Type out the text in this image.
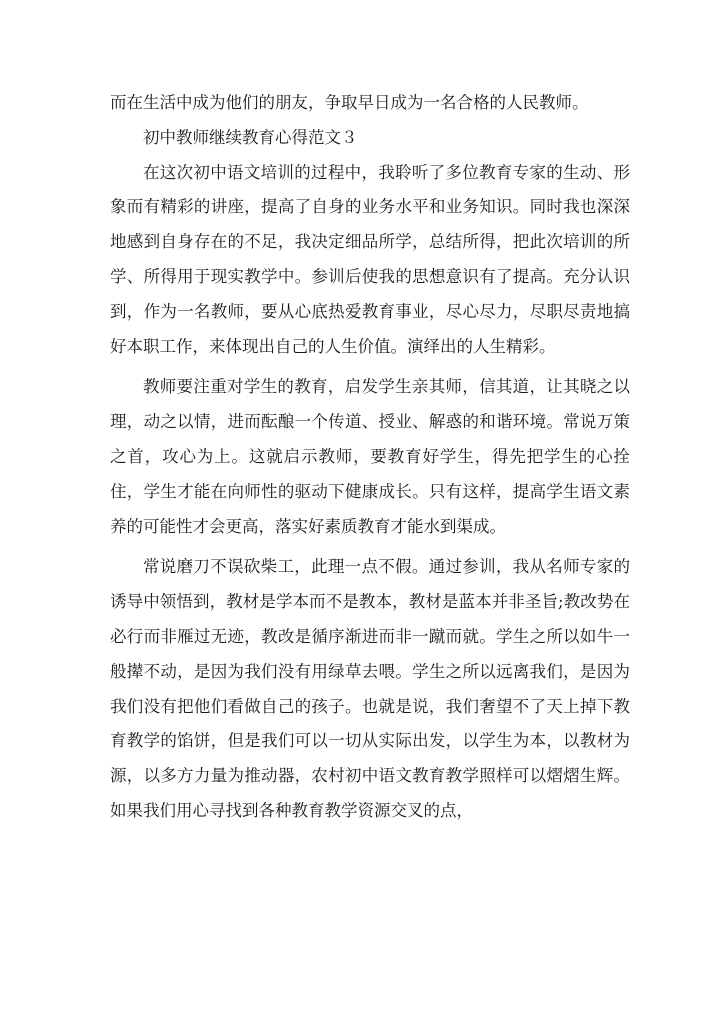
而在生活中成为他们的朋友，争取早日成为一名合格的人民教师。

初中教师继续教育心得范文３

在这次初中语文培训的过程中，我聆听了多位教育专家的生动、形象而有精彩的讲座，提高了自身的业务水平和业务知识。同时我也深深地感到自身存在的不足，我决定细品所学，总结所得，把此次培训的所学、所得用于现实教学中。参训后使我的思想意识有了提高。充分认识到，作为一名教师，要从心底热爱教育事业，尽心尽力，尽职尽责地搞好本职工作，来体现出自己的人生价值。演绎出的人生精彩。

教师要注重对学生的教育，启发学生亲其师，信其道，让其晓之以理，动之以情，进而酝酿一个传道、授业、解惑的和谐环境。常说万策之首，攻心为上。这就启示教师，要教育好学生，得先把学生的心拴住，学生才能在向师性的驱动下健康成长。只有这样，提高学生语文素养的可能性才会更高，落实好素质教育才能水到渠成。

常说磨刀不误砍柴工，此理一点不假。通过参训，我从名师专家的诱导中领悟到，教材是学本而不是教本，教材是蓝本并非圣旨;教改势在必行而非雁过无迹，教改是循序渐进而非一蹴而就。学生之所以如牛一般撵不动，是因为我们没有用绿草去喂。学生之所以远离我们，是因为我们没有把他们看做自己的孩子。也就是说，我们奢望不了天上掉下教育教学的馅饼，但是我们可以一切从实际出发，以学生为本，以教材为源，以多方力量为推动器，农村初中语文教育教学照样可以熠熠生辉。如果我们用心寻找到各种教育教学资源交叉的点，
